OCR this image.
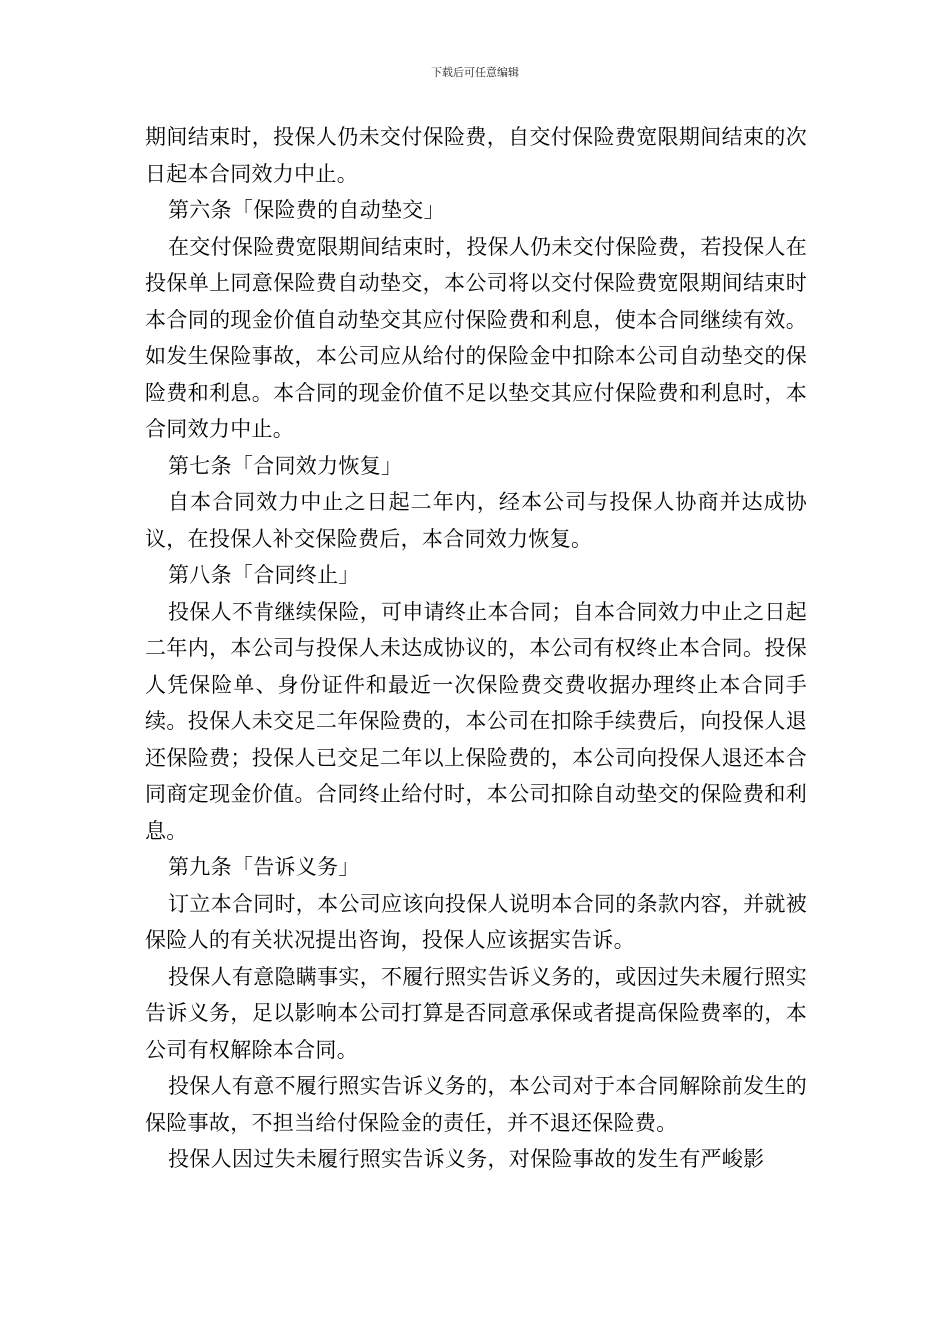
下载后可任意编辑

期间结束时，投保人仍未交付保险费，自交付保险费宽限期间结束的次日起本合同效力中止。

第六条「保险费的自动垫交」

在交付保险费宽限期间结束时，投保人仍未交付保险费，若投保人在投保单上同意保险费自动垫交，本公司将以交付保险费宽限期间结束时本合同的现金价值自动垫交其应付保险费和利息，使本合同继续有效。如发生保险事故，本公司应从给付的保险金中扣除本公司自动垫交的保险费和利息。本合同的现金价值不足以垫交其应付保险费和利息时，本合同效力中止。

第七条「合同效力恢复」

自本合同效力中止之日起二年内，经本公司与投保人协商并达成协议，在投保人补交保险费后，本合同效力恢复。

第八条「合同终止」

投保人不肯继续保险，可申请终止本合同；自本合同效力中止之日起二年内，本公司与投保人未达成协议的，本公司有权终止本合同。投保人凭保险单、身份证件和最近一次保险费交费收据办理终止本合同手续。投保人未交足二年保险费的，本公司在扣除手续费后，向投保人退还保险费；投保人已交足二年以上保险费的，本公司向投保人退还本合同商定现金价值。合同终止给付时，本公司扣除自动垫交的保险费和利息。

第九条「告诉义务」

订立本合同时，本公司应该向投保人说明本合同的条款内容，并就被保险人的有关状况提出咨询，投保人应该据实告诉。

投保人有意隐瞒事实，不履行照实告诉义务的，或因过失未履行照实告诉义务，足以影响本公司打算是否同意承保或者提高保险费率的，本公司有权解除本合同。

投保人有意不履行照实告诉义务的，本公司对于本合同解除前发生的保险事故，不担当给付保险金的责任，并不退还保险费。

投保人因过失未履行照实告诉义务，对保险事故的发生有严峻影
